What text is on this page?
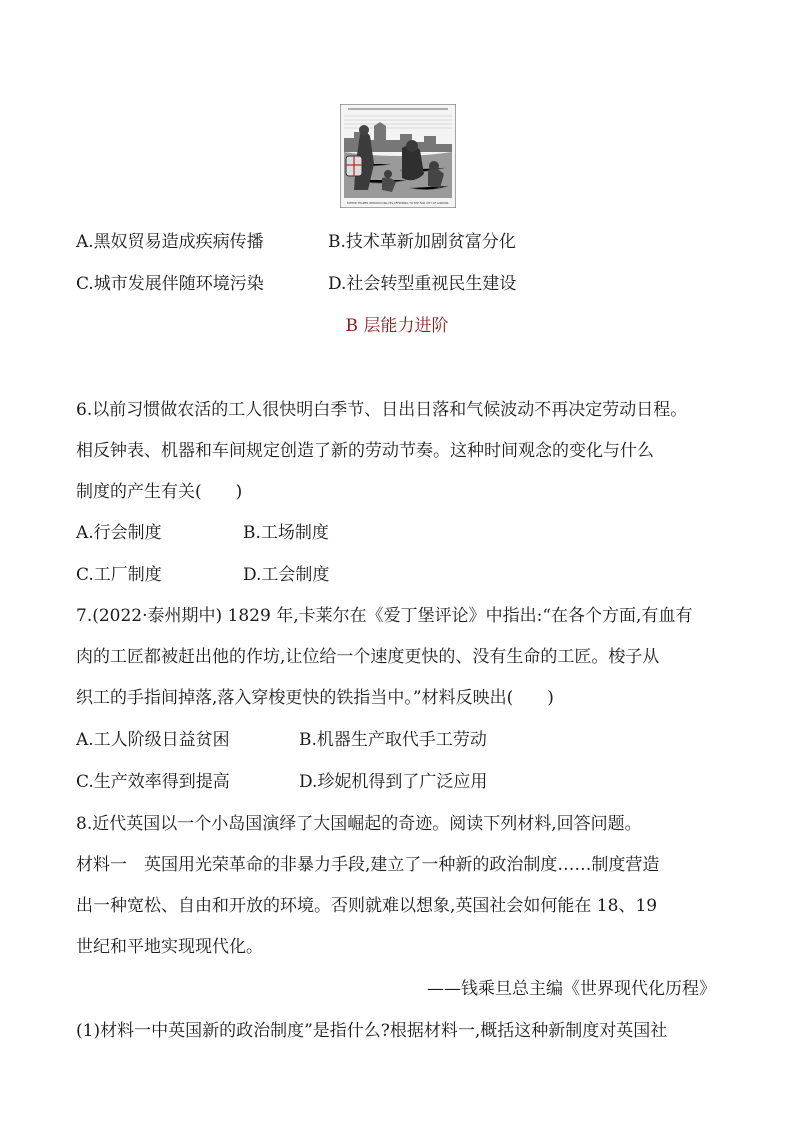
FATHER THAMES INTRODUCING HIS OFFSPRING TO THE FAIR CITY OF LONDON.
A.黑奴贸易造成疾病传播	B.技术革新加剧贫富分化
C.城市发展伴随环境污染	D.社会转型重视民生建设
B 层能力进阶
6.以前习惯做农活的工人很快明白季节、日出日落和气候波动不再决定劳动日程。
相反钟表、机器和车间规定创造了新的劳动节奏。这种时间观念的变化与什么
制度的产生有关(　　)
A.行会制度	B.工场制度
C.工厂制度	D.工会制度
7.(2022·泰州期中) 1829 年,卡莱尔在《爱丁堡评论》中指出:“在各个方面,有血有
肉的工匠都被赶出他的作坊,让位给一个速度更快的、没有生命的工匠。梭子从
织工的手指间掉落,落入穿梭更快的铁指当中。”材料反映出(　　)
A.工人阶级日益贫困	B.机器生产取代手工劳动
C.生产效率得到提高	D.珍妮机得到了广泛应用
8.近代英国以一个小岛国演绎了大国崛起的奇迹。阅读下列材料,回答问题。
材料一　英国用光荣革命的非暴力手段,建立了一种新的政治制度……制度营造
出一种宽松、自由和开放的环境。否则就难以想象,英国社会如何能在 18、19
世纪和平地实现现代化。
——钱乘旦总主编《世界现代化历程》
(1)材料一中英国新的政治制度”是指什么?根据材料一,概括这种新制度对英国社
